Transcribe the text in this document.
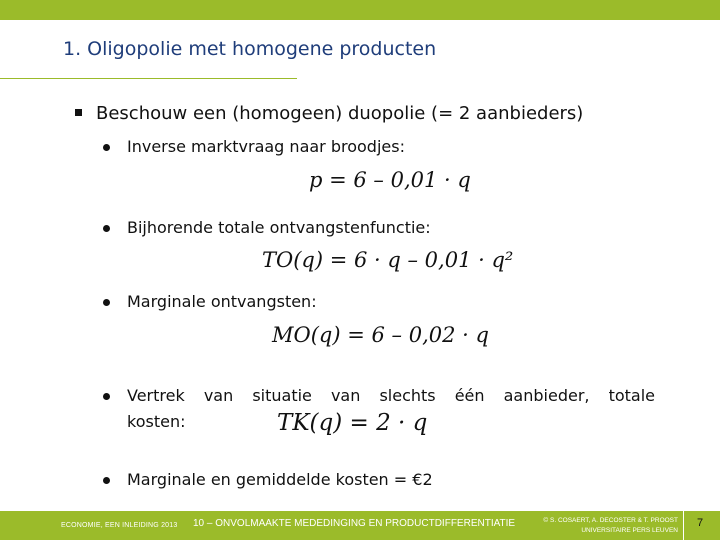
1. Oligopolie met homogene producten
Beschouw een (homogeen) duopolie (= 2 aanbieders)
Inverse marktvraag naar broodjes:
p = 6 – 0,01 · q
Bijhorende totale ontvangstenfunctie:
TO(q) = 6 · q – 0,01 · q²
Marginale ontvangsten:
MO(q) = 6 – 0,02 · q
Vertrek van situatie van slechts één aanbieder, totale
kosten:	TK(q) = 2 · q
Marginale en gemiddelde kosten = €2
ECONOMIE, EEN INLEIDING 2013 10 – ONVOLMAAKTE MEDEDINGING EN PRODUCTDIFFERENTIATIE	© S. COSAERT, A. DECOSTER & T. PROOST
UNIVERSITAIRE PERS LEUVEN
7
